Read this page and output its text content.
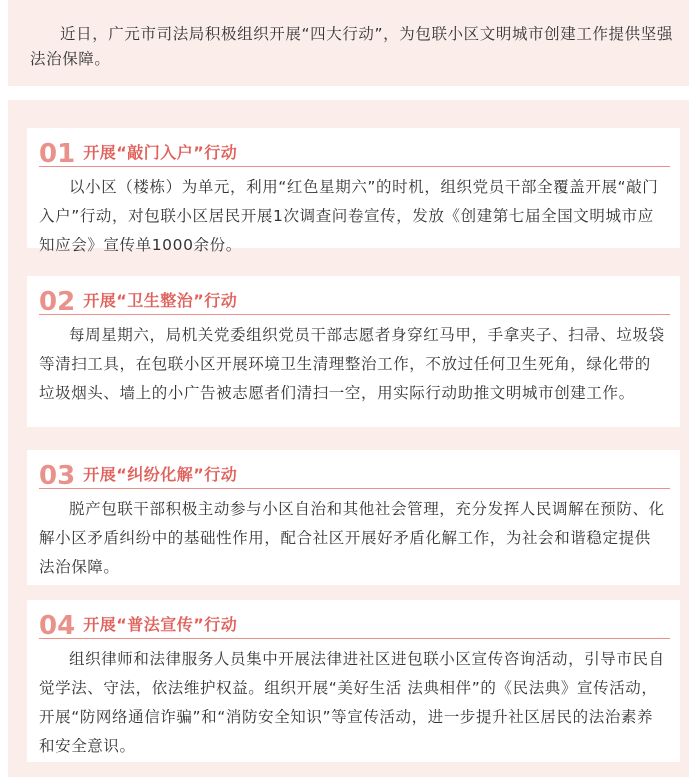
近日，广元市司法局积极组织开展“四大行动”，为包联小区文明城市创建工作提供坚强法治保障。
01 开展“敲门入户”行动
以小区（楼栋）为单元，利用“红色星期六”的时机，组织党员干部全覆盖开展“敲门入户”行动，对包联小区居民开展1次调查问卷宣传，发放《创建第七届全国文明城市应知应会》宣传单1000余份。
02 开展“卫生整治”行动
每周星期六，局机关党委组织党员干部志愿者身穿红马甲，手拿夹子、扫帚、垃圾袋等清扫工具，在包联小区开展环境卫生清理整治工作，不放过任何卫生死角，绿化带的垃圾烟头、墙上的小广告被志愿者们清扫一空，用实际行动助推文明城市创建工作。
03 开展“纠纷化解”行动
脱产包联干部积极主动参与小区自治和其他社会管理，充分发挥人民调解在预防、化解小区矛盾纠纷中的基础性作用，配合社区开展好矛盾化解工作，为社会和谐稳定提供法治保障。
04 开展“普法宣传”行动
组织律师和法律服务人员集中开展法律进社区进包联小区宣传咨询活动，引导市民自觉学法、守法，依法维护权益。组织开展“美好生活 法典相伴”的《民法典》宣传活动，开展“防网络通信诈骗”和“消防安全知识”等宣传活动，进一步提升社区居民的法治素养和安全意识。
